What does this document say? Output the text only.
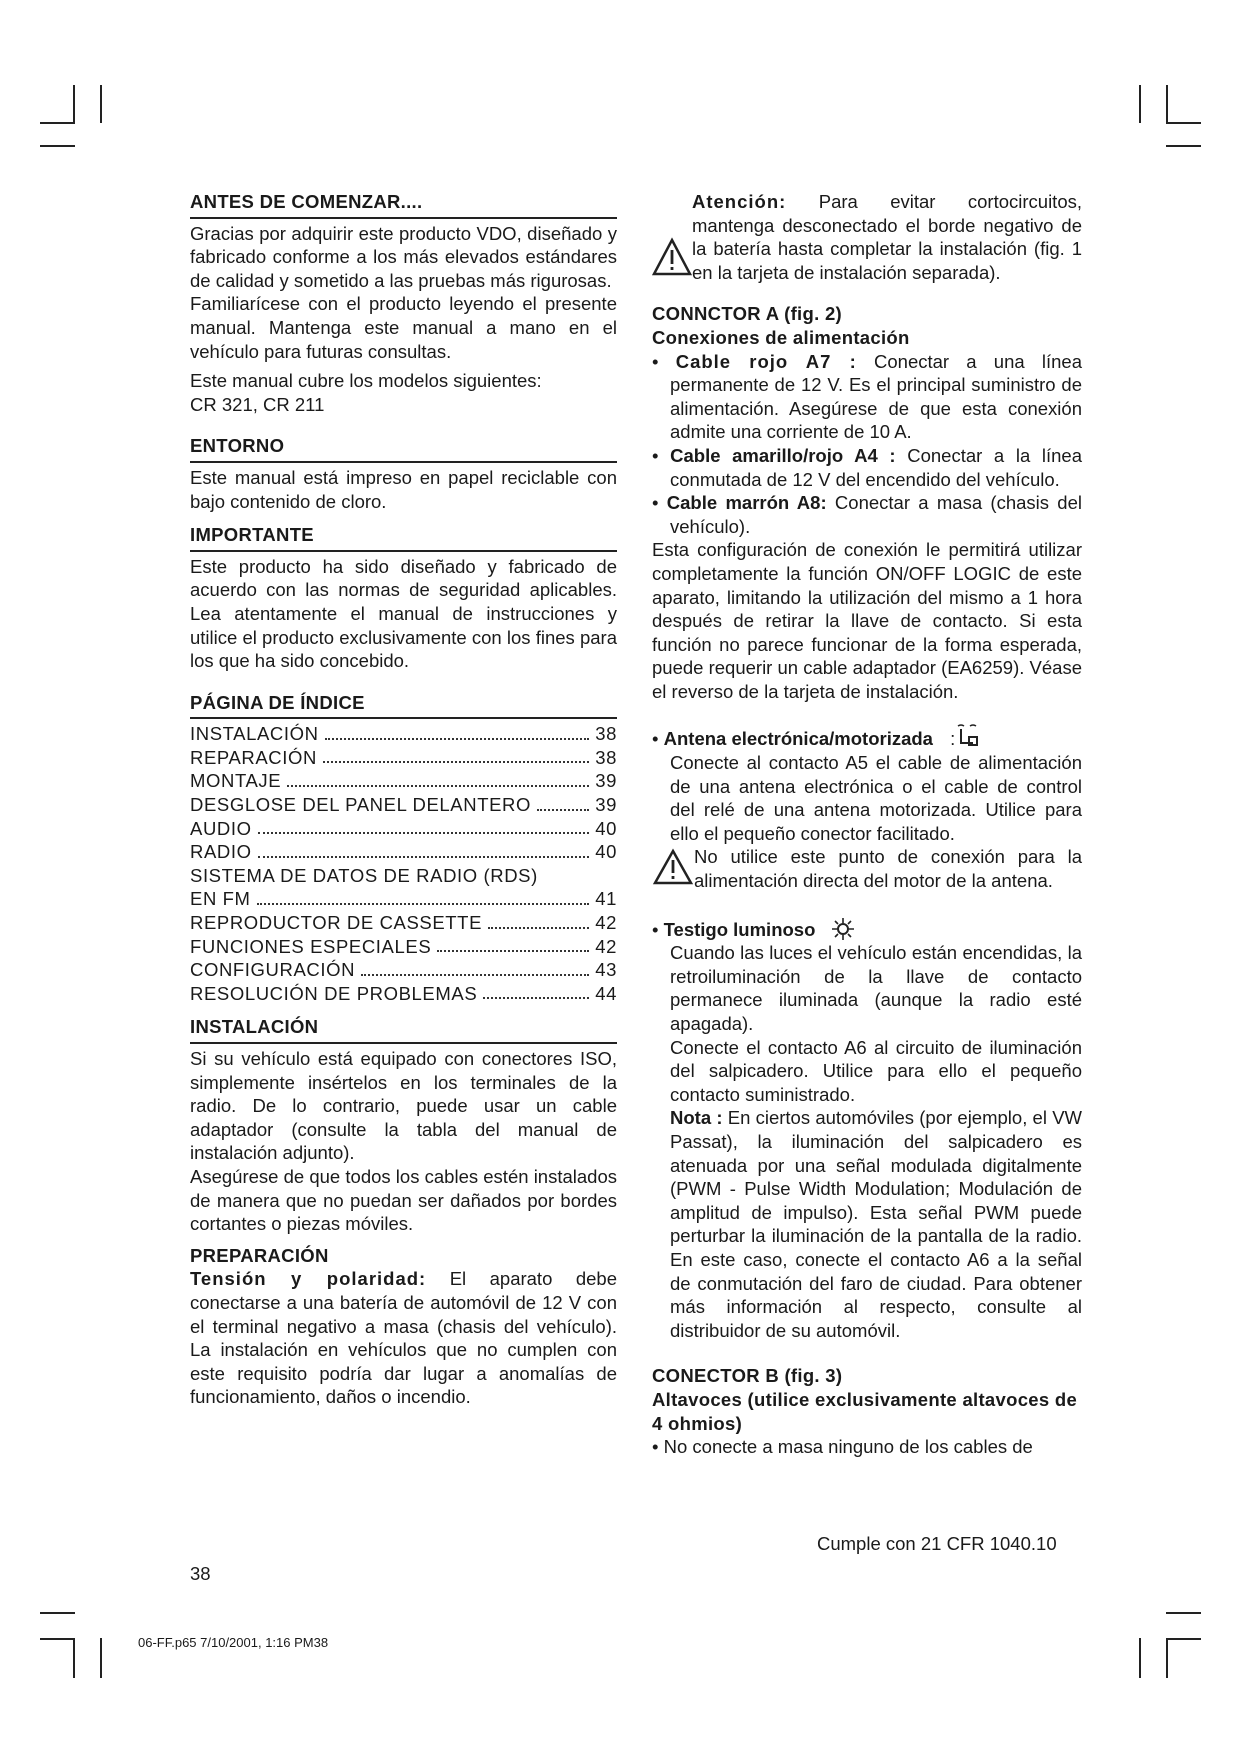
ANTES DE COMENZAR....

Gracias por adquirir este producto VDO, diseñado y fabricado conforme a los más elevados estándares de calidad y sometido a las pruebas más rigurosas.

Familiarícese con el producto leyendo el presente manual. Mantenga este manual a mano en el vehículo para futuras consultas.

Este manual cubre los modelos siguientes:

CR 321, CR 211

ENTORNO

Este manual está impreso en papel reciclable con bajo contenido de cloro.

IMPORTANTE

Este producto ha sido diseñado y fabricado de acuerdo con las normas de seguridad aplicables. Lea atentamente el manual de instrucciones y utilice el producto exclusivamente con los fines para los que ha sido concebido.

PÁGINA DE ÍNDICE
INSTALACIÓN	38
REPARACIÓN	38
MONTAJE	39
DESGLOSE DEL PANEL DELANTERO	39
AUDIO	40
RADIO	40
SISTEMA DE DATOS DE RADIO (RDS)
EN FM	41
REPRODUCTOR DE CASSETTE	42
FUNCIONES ESPECIALES	42
CONFIGURACIÓN	43
RESOLUCIÓN DE PROBLEMAS	44
INSTALACIÓN

Si su vehículo está equipado con conectores ISO, simplemente insértelos en los terminales de la radio. De lo contrario, puede usar un cable adaptador (consulte la tabla del manual de instalación adjunto).

Asegúrese de que todos los cables estén instalados de manera que no puedan ser dañados por bordes cortantes o piezas móviles.

PREPARACIÓN

Tensión y polaridad: El aparato debe conectarse a una batería de automóvil de 12 V con el terminal negativo a masa (chasis del vehículo). La instalación en vehículos que no cumplen con este requisito podría dar lugar a anomalías de funcionamiento, daños o incendio.

Atención: Para evitar cortocircuitos, mantenga desconectado el borde negativo de la batería hasta completar la instalación (fig. 1 en la tarjeta de instalación separada).

CONNCTOR A (fig. 2)
Conexiones de alimentación

• Cable rojo A7 : Conectar a una línea permanente de 12 V. Es el principal suministro de alimentación. Asegúrese de que esta conexión admite una corriente de 10 A.

• Cable amarillo/rojo A4 : Conectar a la línea conmutada de 12 V del encendido del vehículo.

• Cable marrón A8: Conectar a masa (chasis del vehículo).

Esta configuración de conexión le permitirá utilizar completamente la función ON/OFF LOGIC de este aparato, limitando la utilización del mismo a 1 hora después de retirar la llave de contacto. Si esta función no parece funcionar de la forma esperada, puede requerir un cable adaptador (EA6259). Véase el reverso de la tarjeta de instalación.

• Antena electrónica/motorizada :

Conecte al contacto A5 el cable de alimentación de una antena electrónica o el cable de control del relé de una antena motorizada. Utilice para ello el pequeño conector facilitado.

No utilice este punto de conexión para la alimentación directa del motor de la antena.

• Testigo luminoso

Cuando las luces el vehículo están encendidas, la retroiluminación de la llave de contacto permanece iluminada (aunque la radio esté apagada).

Conecte el contacto A6 al circuito de iluminación del salpicadero. Utilice para ello el pequeño contacto suministrado.

Nota : En ciertos automóviles (por ejemplo, el VW Passat), la iluminación del salpicadero es atenuada por una señal modulada digitalmente (PWM - Pulse Width Modulation; Modulación de amplitud de impulso). Esta señal PWM puede perturbar la iluminación de la pantalla de la radio. En este caso, conecte el contacto A6 a la señal de conmutación del faro de ciudad. Para obtener más información al respecto, consulte al distribuidor de su automóvil.

CONECTOR B (fig. 3)
Altavoces (utilice exclusivamente altavoces de 4 ohmios)

• No conecte a masa ninguno de los cables de

Cumple con 21 CFR 1040.10
38
06-FF.p65 7/10/2001, 1:16 PM38
